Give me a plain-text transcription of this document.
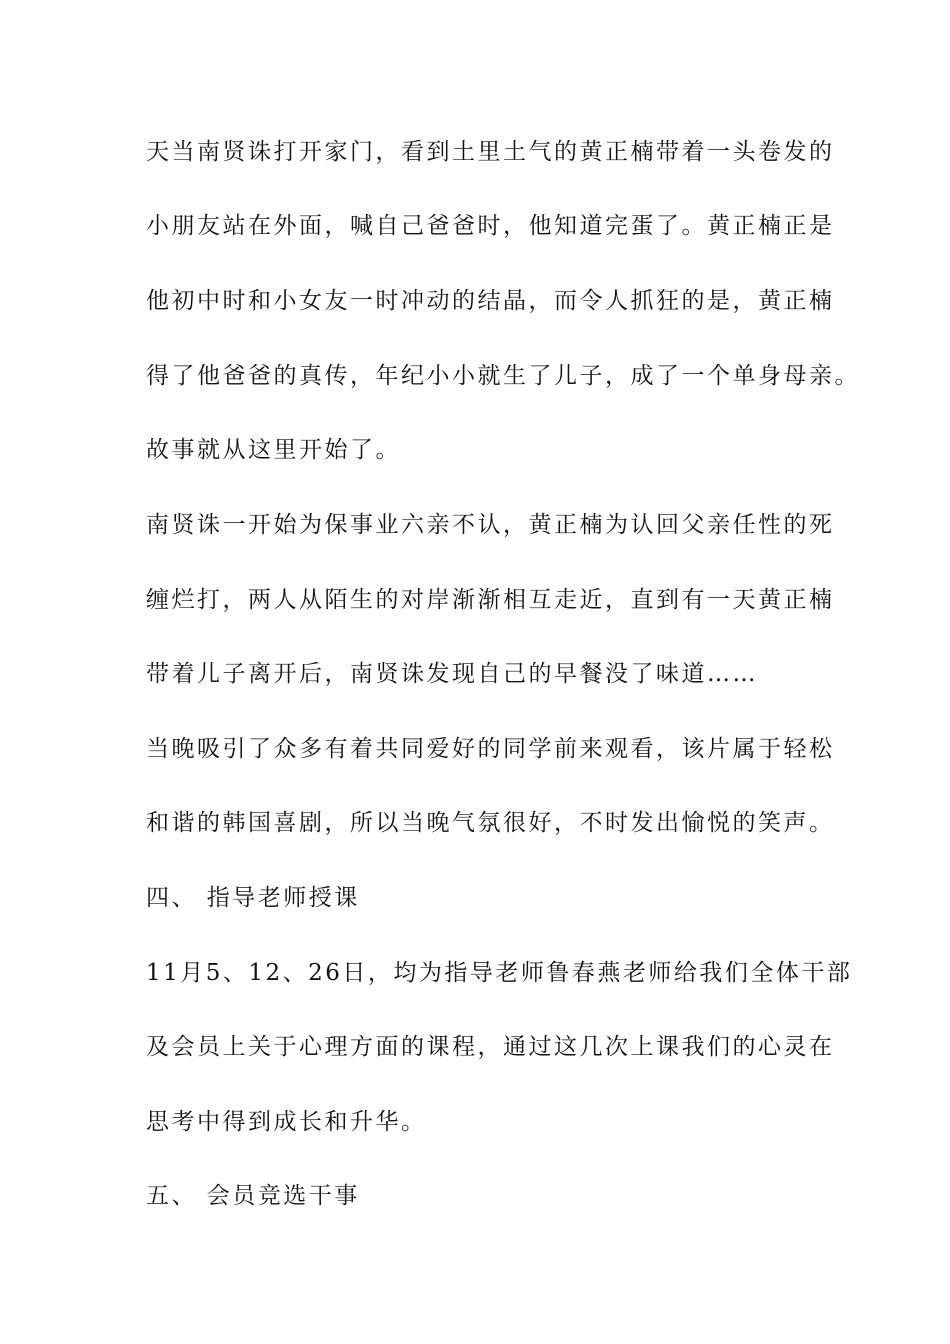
天当南贤诛打开家门，看到土里土气的黄正楠带着一头卷发的
小朋友站在外面，喊自己爸爸时，他知道完蛋了。黄正楠正是
他初中时和小女友一时冲动的结晶，而令人抓狂的是，黄正楠
得了他爸爸的真传，年纪小小就生了儿子，成了一个单身母亲。
故事就从这里开始了。
南贤诛一开始为保事业六亲不认，黄正楠为认回父亲任性的死
缠烂打，两人从陌生的对岸渐渐相互走近，直到有一天黄正楠
带着儿子离开后，南贤诛发现自己的早餐没了味道……
当晚吸引了众多有着共同爱好的同学前来观看，该片属于轻松
和谐的韩国喜剧，所以当晚气氛很好，不时发出愉悦的笑声。
四、 指导老师授课
11月5、12、26日，均为指导老师鲁春燕老师给我们全体干部
及会员上关于心理方面的课程，通过这几次上课我们的心灵在
思考中得到成长和升华。
五、 会员竞选干事
